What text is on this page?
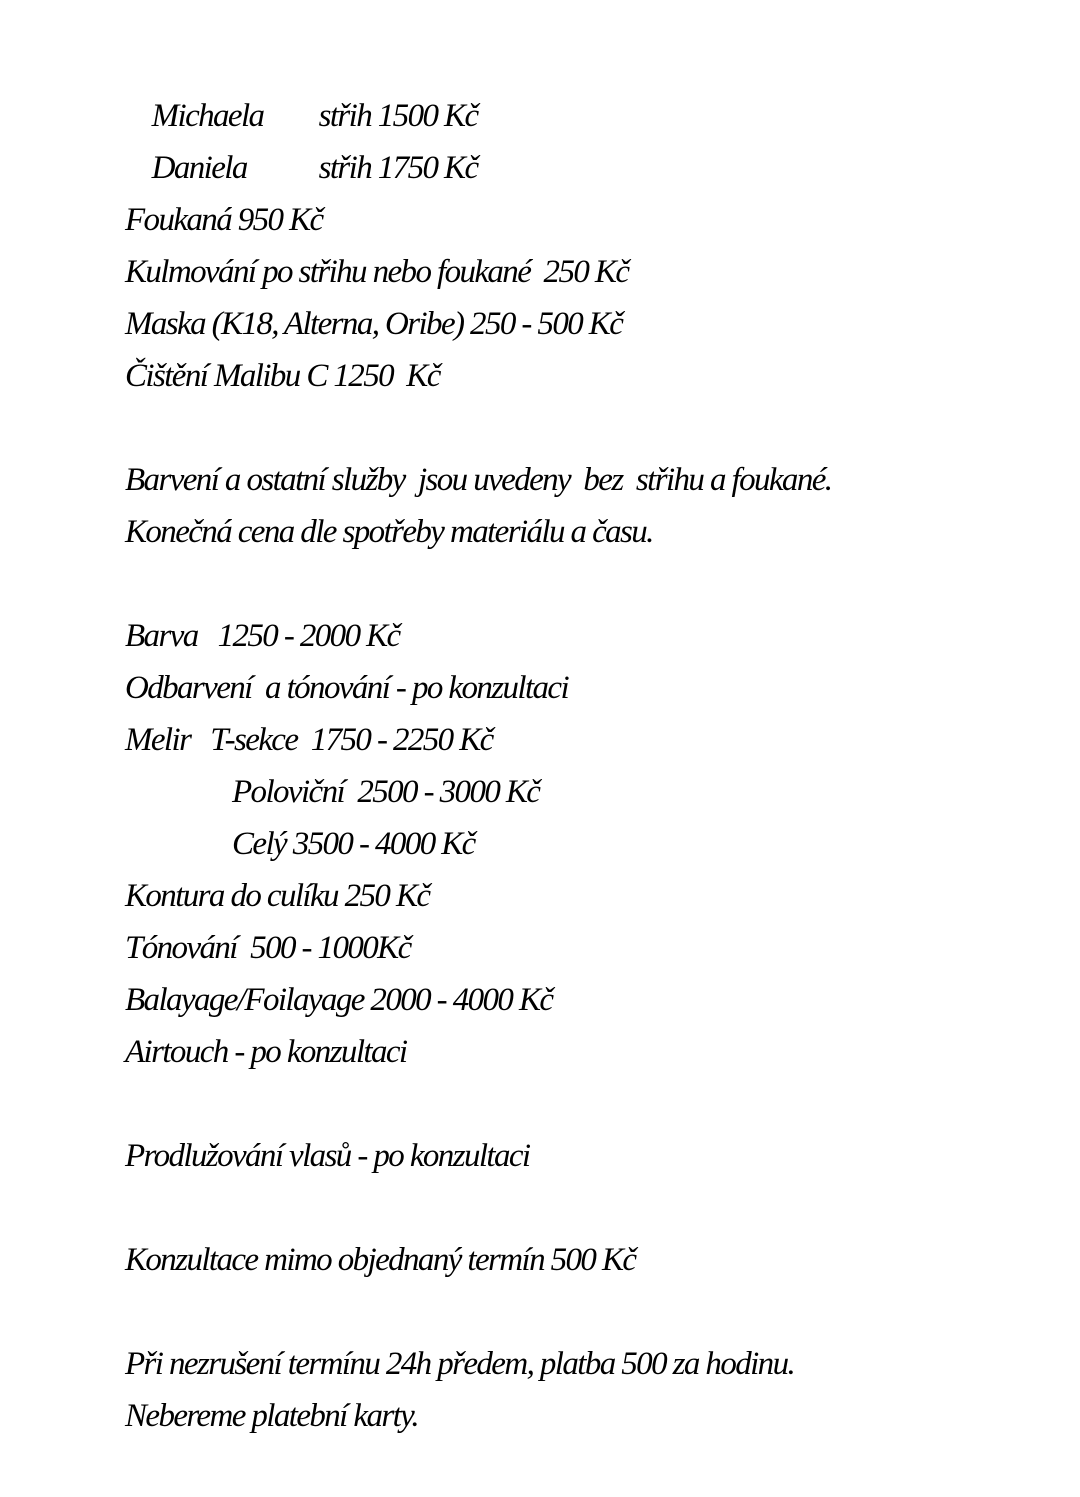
Michaela střih 1500 Kč

Daniela střih 1750 Kč

Foukaná 950 Kč
Kulmování po střihu nebo foukané  250 Kč
Maska (K18, Alterna, Oribe) 250 - 500 Kč
Čištění Malibu C 1250  Kč
Barvení a ostatní služby  jsou uvedeny  bez  střihu a foukané.
Konečná cena dle spotřeby materiálu a času.
Barva   1250 - 2000 Kč
Odbarvení  a tónování - po konzultaci
Melir   T-sekce  1750 - 2250 Kč
Poloviční  2500 - 3000 Kč
Celý 3500 - 4000 Kč
Kontura do culíku 250 Kč
Tónování  500 - 1000Kč
Balayage/Foilayage 2000 - 4000 Kč
Airtouch - po konzultaci
Prodlužování vlasů - po konzultaci
Konzultace mimo objednaný termín 500 Kč
Při nezrušení termínu 24h předem, platba 500 za hodinu.
Nebereme platební karty.
